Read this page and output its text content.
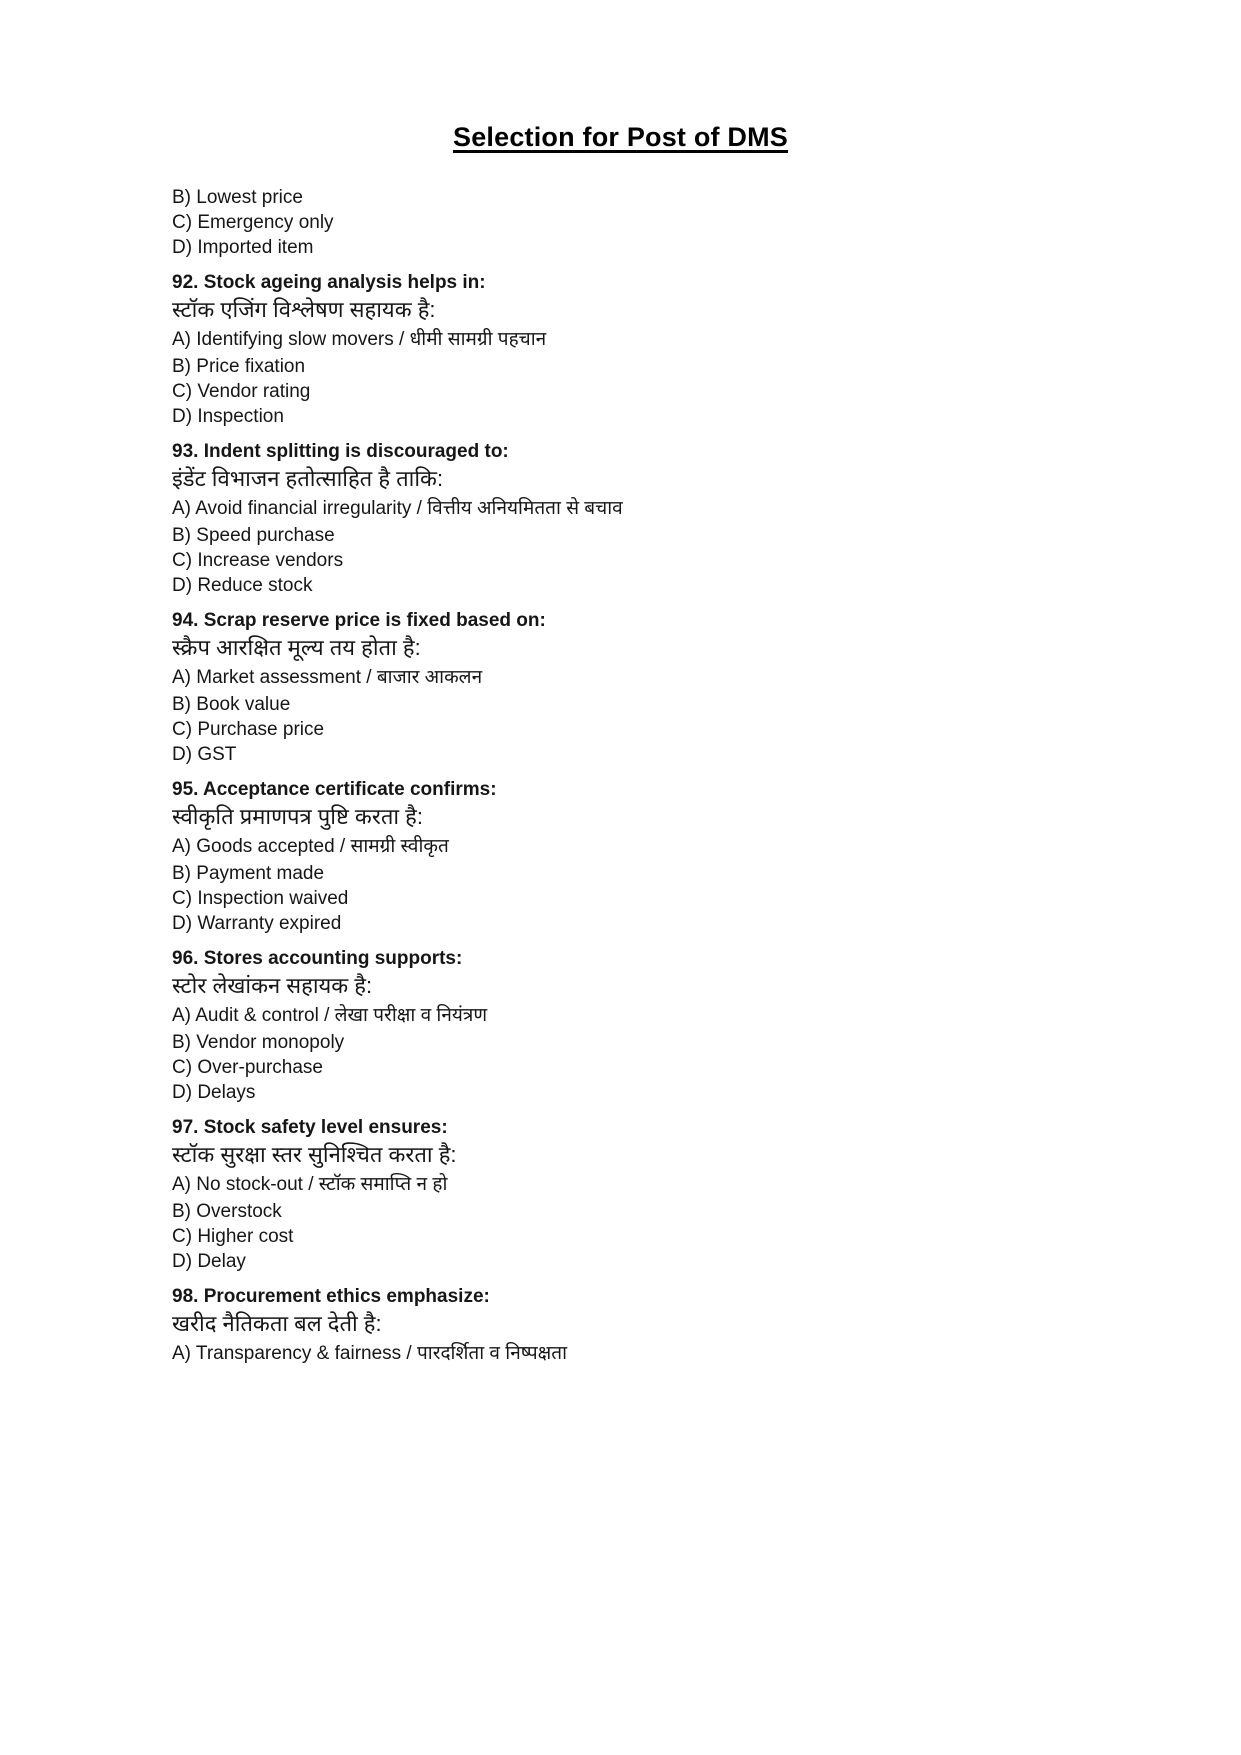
Selection for Post of DMS

B) Lowest price

C) Emergency only

D) Imported item

92. Stock ageing analysis helps in:

स्टॉक एजिंग विश्लेषण सहायक है:

A) Identifying slow movers / धीमी सामग्री पहचान

B) Price fixation

C) Vendor rating

D) Inspection

93. Indent splitting is discouraged to:

इंडेंट विभाजन हतोत्साहित है ताकि:

A) Avoid financial irregularity / वित्तीय अनियमितता से बचाव

B) Speed purchase

C) Increase vendors

D) Reduce stock

94. Scrap reserve price is fixed based on:

स्क्रैप आरक्षित मूल्य तय होता है:

A) Market assessment / बाजार आकलन

B) Book value

C) Purchase price

D) GST

95. Acceptance certificate confirms:

स्वीकृति प्रमाणपत्र पुष्टि करता है:

A) Goods accepted / सामग्री स्वीकृत

B) Payment made

C) Inspection waived

D) Warranty expired

96. Stores accounting supports:

स्टोर लेखांकन सहायक है:

A) Audit & control / लेखा परीक्षा व नियंत्रण

B) Vendor monopoly

C) Over-purchase

D) Delays

97. Stock safety level ensures:

स्टॉक सुरक्षा स्तर सुनिश्चित करता है:

A) No stock-out / स्टॉक समाप्ति न हो

B) Overstock

C) Higher cost

D) Delay

98. Procurement ethics emphasize:

खरीद नैतिकता बल देती है:

A) Transparency & fairness / पारदर्शिता व निष्पक्षता
